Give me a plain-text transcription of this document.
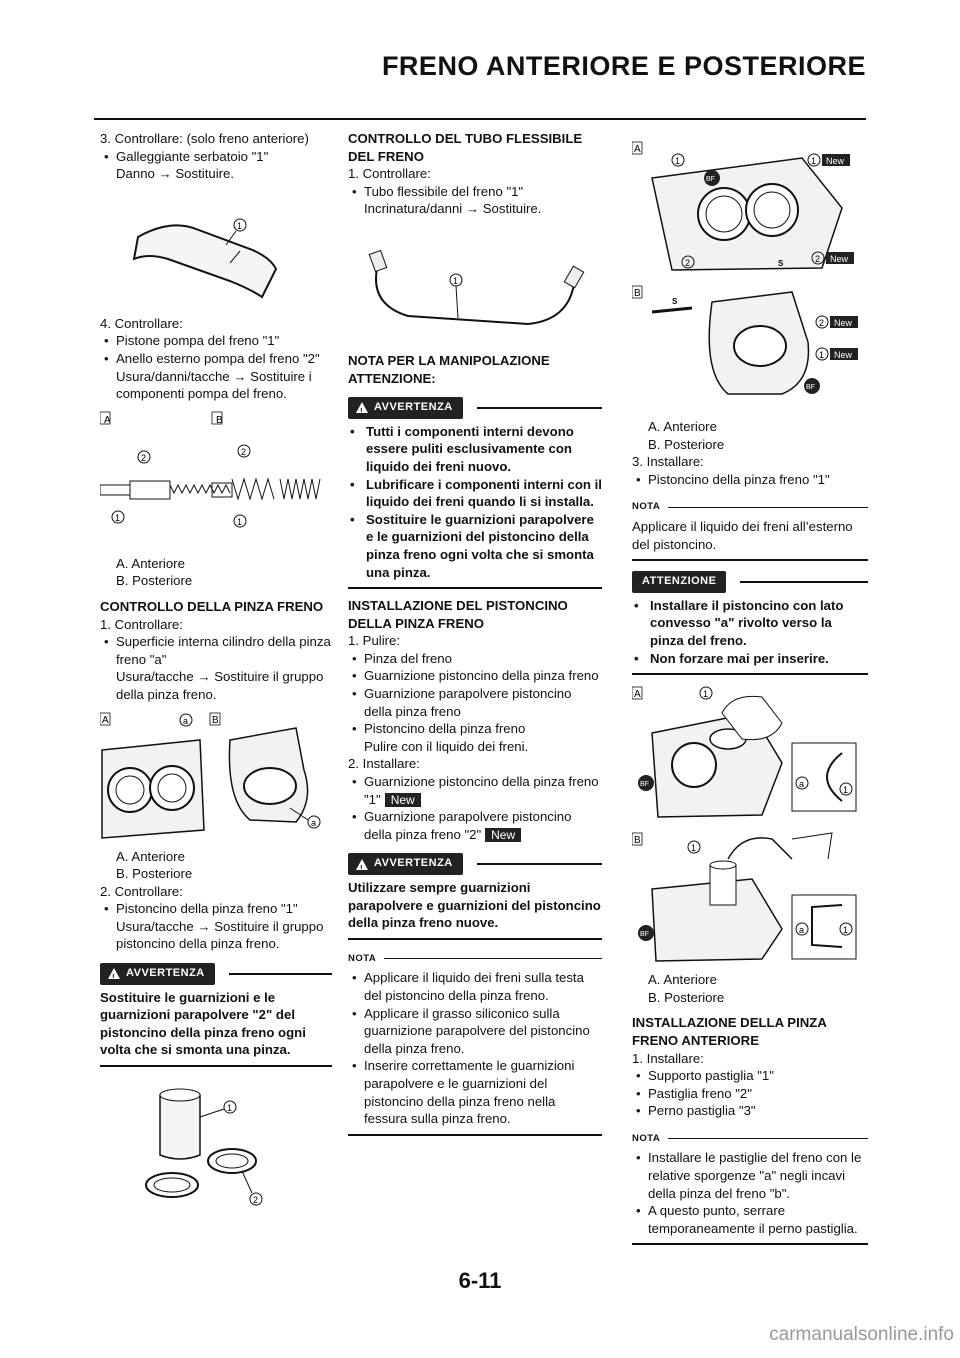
FRENO ANTERIORE E POSTERIORE

3. Controllare: (solo freno anteriore)

• Galleggiante serbatoio "1"
Danno → Sostituire.
1

4. Controllare:

• Pistone pompa del freno "1"
• Anello esterno pompa del freno "2"
Usura/danni/tacche → Sostituire i componenti pompa del freno.
A	B
2
2
1	1
A. Anteriore
B. Posteriore
CONTROLLO DELLA PINZA FRENO

1. Controllare:

• Superficie interna cilindro della pinza freno "a"
Usura/tacche → Sostituire il gruppo della pinza freno.
A	a B
a
A. Anteriore
B. Posteriore

2. Controllare:

• Pistoncino della pinza freno "1"
Usura/tacche → Sostituire il gruppo pistoncino della pinza freno.
!
AVVERTENZA
Sostituire le guarnizioni e le guarnizioni parapolvere "2" del pistoncino della pinza freno ogni volta che si smonta una pinza.
1
2
CONTROLLO DEL TUBO FLESSIBILE DEL FRENO

1. Controllare:

• Tubo flessibile del freno "1"
Incrinatura/danni → Sostituire.
1
NOTA PER LA MANIPOLAZIONE ATTENZIONE:
!
AVVERTENZA
• Tutti i componenti interni devono essere puliti esclusivamente con liquido dei freni nuovo.
• Lubrificare i componenti interni con il liquido dei freni quando li si installa.
• Sostituire le guarnizioni parapolvere e le guarnizioni del pistoncino della pinza freno ogni volta che si smonta una pinza.
INSTALLAZIONE DEL PISTONCINO DELLA PINZA FRENO

1. Pulire:

• Pinza del freno
• Guarnizione pistoncino della pinza freno
• Guarnizione parapolvere pistoncino della pinza freno
• Pistoncino della pinza freno
Pulire con il liquido dei freni.

2. Installare:

• Guarnizione pistoncino della pinza freno "1" New
• Guarnizione parapolvere pistoncino della pinza freno "2" New
!
AVVERTENZA
Utilizzare sempre guarnizioni parapolvere e guarnizioni del pistoncino della pinza freno nuove.
NOTA
• Applicare il liquido dei freni sulla testa del pistoncino della pinza freno.
• Applicare il grasso siliconico sulla guarnizione parapolvere del pistoncino della pinza freno.
• Inserire correttamente le guarnizioni parapolvere e le guarnizioni del pistoncino della pinza freno nella fessura sulla pinza freno.
A
1	1 New
2	2 New
S
BF
B
S
2 New
1 New
BF
A. Anteriore
B. Posteriore

3. Installare:

• Pistoncino della pinza freno "1"
NOTA
Applicare il liquido dei freni all’esterno del pistoncino.
ATTENZIONE
• Installare il pistoncino con lato convesso "a" rivolto verso la pinza del freno.
• Non forzare mai per inserire.
A	1
a
1
BF
B
1
a	1
BF
A. Anteriore
B. Posteriore
INSTALLAZIONE DELLA PINZA FRENO ANTERIORE

1. Installare:

• Supporto pastiglia "1"
• Pastiglia freno "2"
• Perno pastiglia "3"
NOTA
• Installare le pastiglie del freno con le relative sporgenze "a" negli incavi della pinza del freno "b".
• A questo punto, serrare temporaneamente il perno pastiglia.
6-11
carmanualsonline.info
